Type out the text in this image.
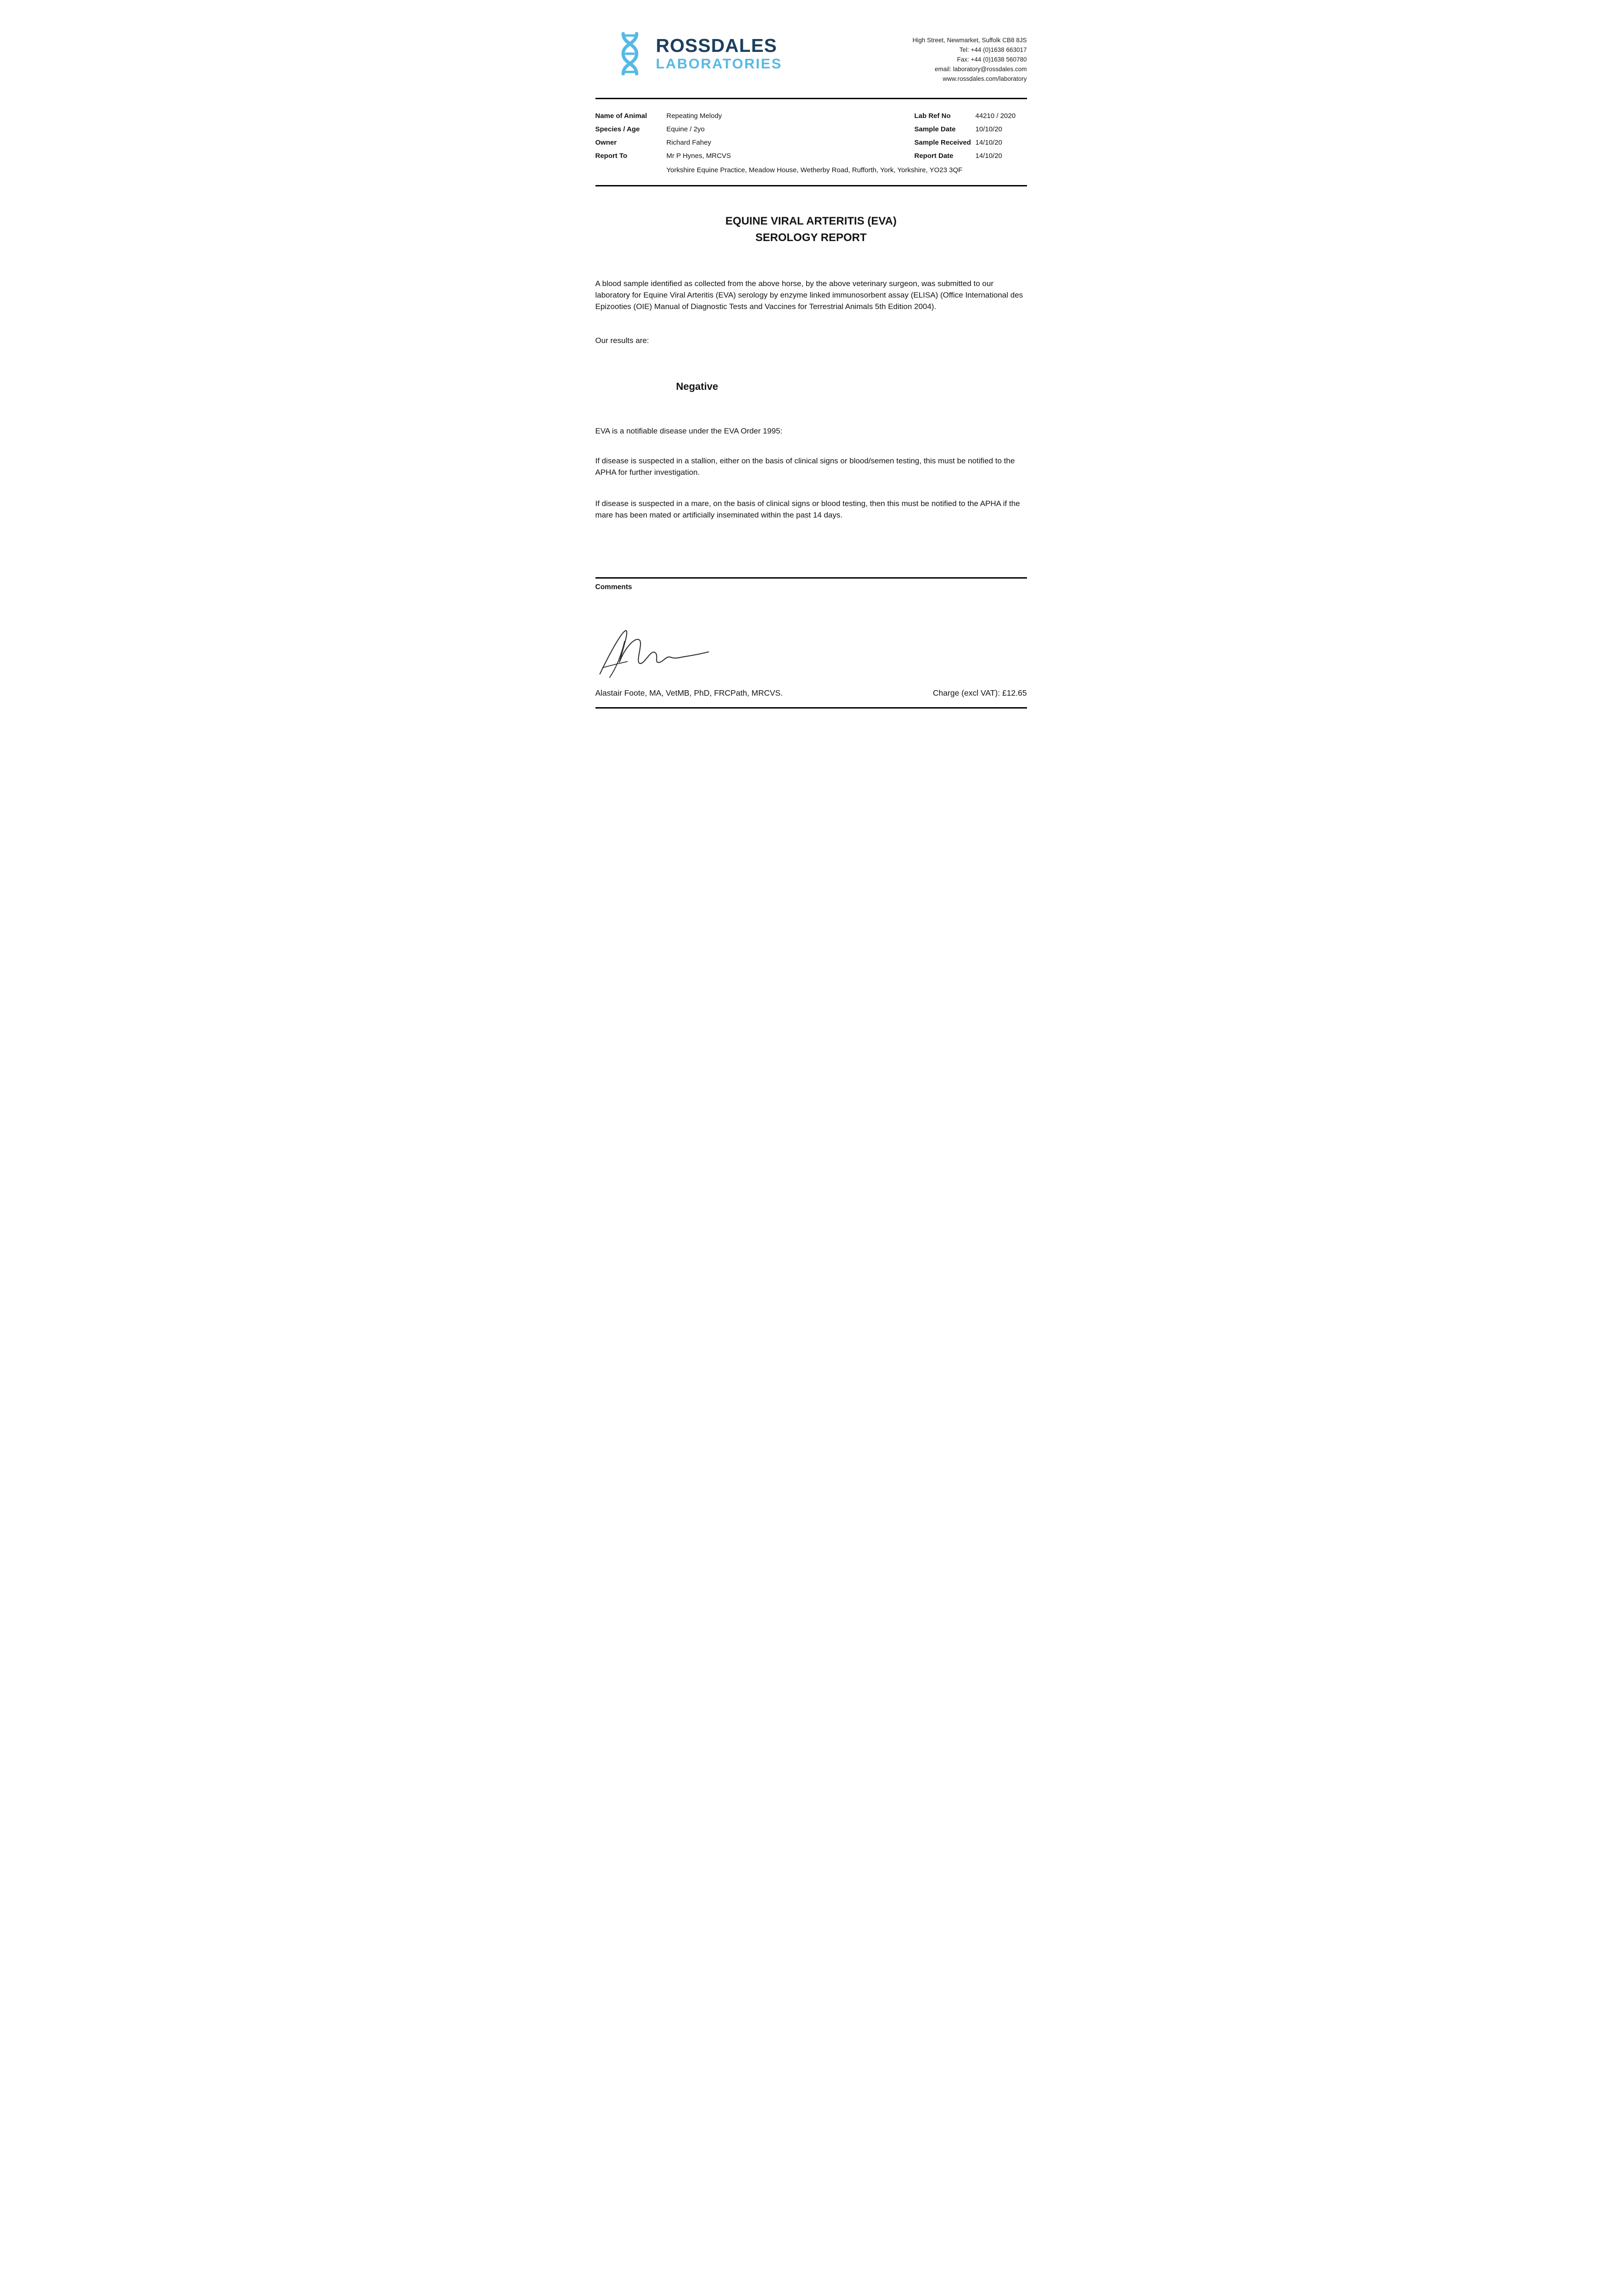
ROSSDALES
LABORATORIES
High Street, Newmarket, Suffolk CB8 8JS
Tel: +44 (0)1638 663017
Fax: +44 (0)1638 560780
email: laboratory@rossdales.com
www.rossdales.com/laboratory
Name of Animal	Repeating Melody	Lab Ref No	44210 / 2020
Species / Age	Equine / 2yo	Sample Date	10/10/20
Owner	Richard Fahey	Sample Received 14/10/20
Report To	Mr P Hynes, MRCVS	Report Date	14/10/20
Yorkshire Equine Practice, Meadow House, Wetherby Road, Rufforth, York, Yorkshire, YO23 3QF
EQUINE VIRAL ARTERITIS (EVA)
SEROLOGY REPORT

A blood sample identified as collected from the above horse, by the above veterinary surgeon, was submitted to our laboratory for Equine Viral Arteritis (EVA) serology by enzyme linked immunosorbent assay (ELISA) (Office International des Epizooties (OIE) Manual of Diagnostic Tests and Vaccines for Terrestrial Animals 5th Edition 2004).

Our results are:

Negative

EVA is a notifiable disease under the EVA Order 1995:

If disease is suspected in a stallion, either on the basis of clinical signs or blood/semen testing, this must be notified to the APHA for further investigation.

If disease is suspected in a mare, on the basis of clinical signs or blood testing, then this must be notified to the APHA if the mare has been mated or artificially inseminated within the past 14 days.

Comments
Alastair Foote, MA, VetMB, PhD, FRCPath, MRCVS.	Charge (excl VAT): £12.65
